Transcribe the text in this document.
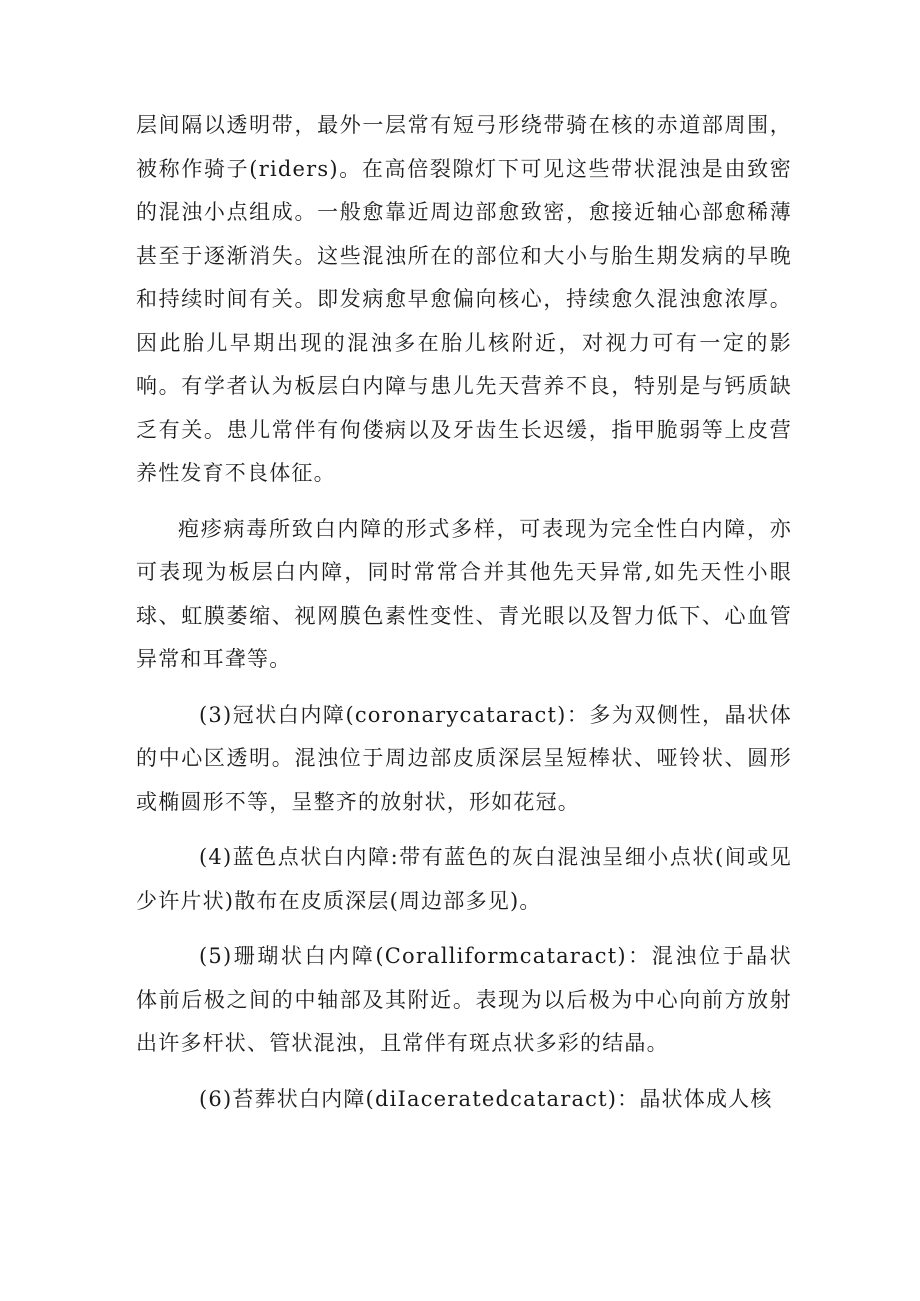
层间隔以透明带，最外一层常有短弓形绕带骑在核的赤道部周围，被称作骑子(riders)。在高倍裂隙灯下可见这些带状混浊是由致密的混浊小点组成。一般愈靠近周边部愈致密，愈接近轴心部愈稀薄甚至于逐渐消失。这些混浊所在的部位和大小与胎生期发病的早晚和持续时间有关。即发病愈早愈偏向核心，持续愈久混浊愈浓厚。因此胎儿早期出现的混浊多在胎儿核附近，对视力可有一定的影响。有学者认为板层白内障与患儿先天营养不良，特别是与钙质缺乏有关。患儿常伴有佝偻病以及牙齿生长迟缓，指甲脆弱等上皮营养性发育不良体征。

疱疹病毒所致白内障的形式多样，可表现为完全性白内障，亦可表现为板层白内障，同时常常合并其他先天异常,如先天性小眼球、虹膜萎缩、视网膜色素性变性、青光眼以及智力低下、心血管异常和耳聋等。

(3)冠状白内障(coronarycataract)：多为双侧性，晶状体的中心区透明。混浊位于周边部皮质深层呈短棒状、哑铃状、圆形或椭圆形不等，呈整齐的放射状，形如花冠。

(4)蓝色点状白内障:带有蓝色的灰白混浊呈细小点状(间或见少许片状)散布在皮质深层(周边部多见)。

(5)珊瑚状白内障(Coralliformcataract)：混浊位于晶状体前后极之间的中轴部及其附近。表现为以后极为中心向前方放射出许多杆状、管状混浊，且常伴有斑点状多彩的结晶。

(6)苔葬状白内障(diIaceratedcataract)：晶状体成人核
